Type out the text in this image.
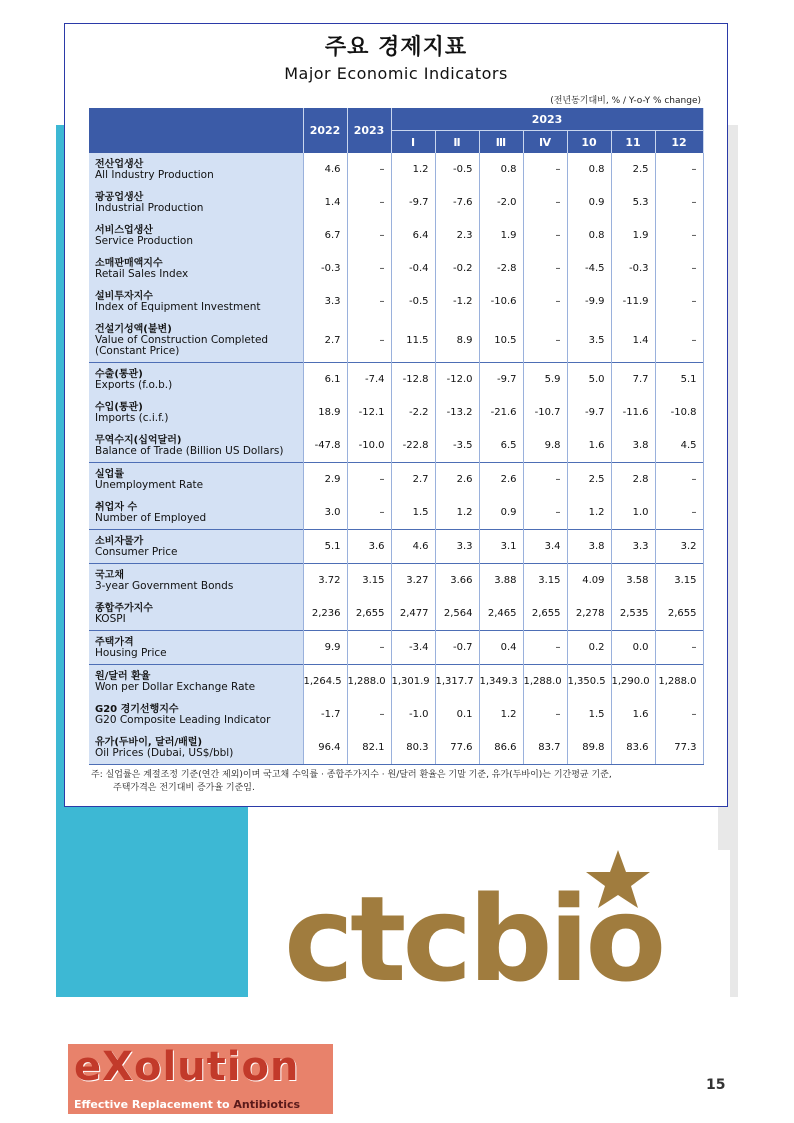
주요 경제지표
Major Economic Indicators
(전년동기대비, % / Y-o-Y % change)
	2022	2023	2023						
			Ⅰ	Ⅱ	Ⅲ	Ⅳ	10	11	12

전산업생산
All Industry Production	4.6	–	1.2	-0.5	0.8	–	0.8	2.5	–

광공업생산
Industrial Production	1.4	–	-9.7	-7.6	-2.0	–	0.9	5.3	–

서비스업생산
Service Production	6.7	–	6.4	2.3	1.9	–	0.8	1.9	–

소매판매액지수
Retail Sales Index	-0.3	–	-0.4	-0.2	-2.8	–	-4.5	-0.3	–

설비투자지수
Index of Equipment Investment	3.3	–	-0.5	-1.2	-10.6	–	-9.9	-11.9	–

건설기성액(불변)
Value of Construction Completed
(Constant Price)	2.7	–	11.5	8.9	10.5	–	3.5	1.4	–

수출(통관)
Exports (f.o.b.)	6.1	-7.4	-12.8	-12.0	-9.7	5.9	5.0	7.7	5.1

수입(통관)
Imports (c.i.f.)	18.9	-12.1	-2.2	-13.2	-21.6	-10.7	-9.7	-11.6	-10.8

무역수지(십억달러)
Balance of Trade (Billion US Dollars)	-47.8	-10.0	-22.8	-3.5	6.5	9.8	1.6	3.8	4.5

실업률
Unemployment Rate	2.9	–	2.7	2.6	2.6	–	2.5	2.8	–

취업자 수
Number of Employed	3.0	–	1.5	1.2	0.9	–	1.2	1.0	–

소비자물가
Consumer Price	5.1	3.6	4.6	3.3	3.1	3.4	3.8	3.3	3.2

국고채
3-year Government Bonds	3.72	3.15	3.27	3.66	3.88	3.15	4.09	3.58	3.15

종합주가지수
KOSPI	2,236	2,655	2,477	2,564	2,465	2,655	2,278	2,535	2,655

주택가격
Housing Price	9.9	–	-3.4	-0.7	0.4	–	0.2	0.0	–

원/달러 환율
Won per Dollar Exchange Rate	1,264.5	1,288.0	1,301.9	1,317.7	1,349.3	1,288.0	1,350.5	1,290.0	1,288.0

G20 경기선행지수
G20 Composite Leading Indicator	-1.7	–	-1.0	0.1	1.2	–	1.5	1.6	–

유가(두바이, 달러/배럴)
Oil Prices (Dubai, US$/bbl)	96.4	82.1	80.3	77.6	86.6	83.7	89.8	83.6	77.3
주: 실업률은 계절조정 기준(연간 제외)이며 국고채 수익률 · 종합주가지수 · 원/달러 환율은 기말 기준, 유가(두바이)는 기간평균 기준,
주택가격은 전기대비 증가율 기준임.
ctcbio
eXolution
Effective Replacement to Antibiotics
15
